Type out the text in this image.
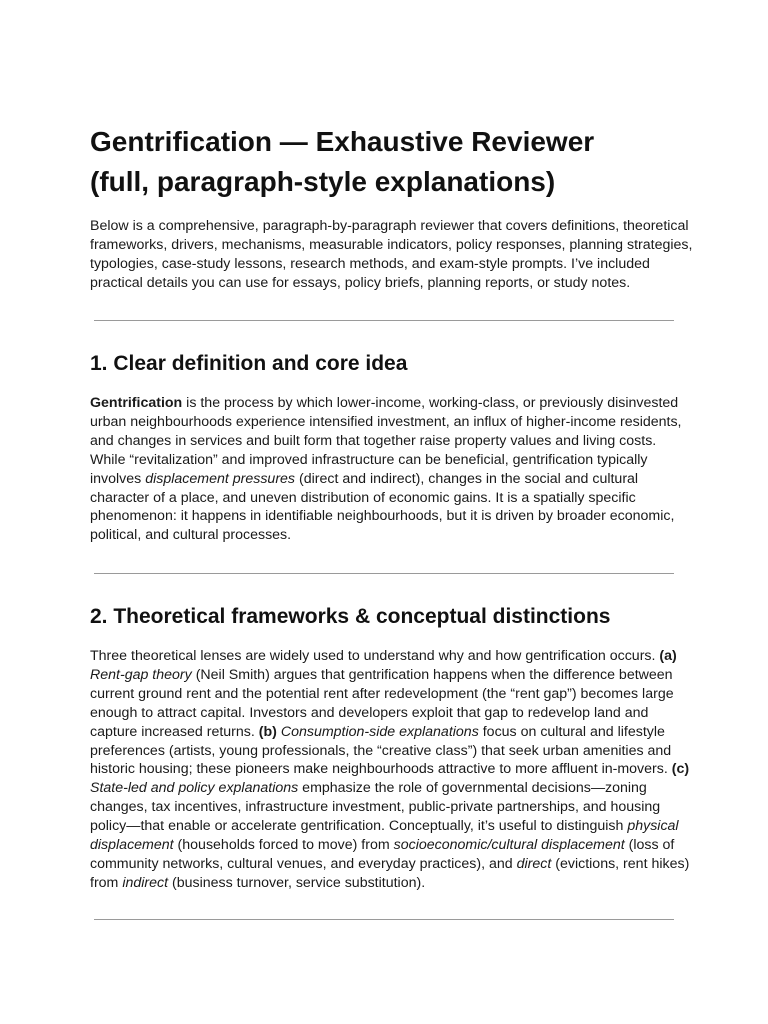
Gentrification — Exhaustive Reviewer
(full, paragraph-style explanations)

Below is a comprehensive, paragraph-by-paragraph reviewer that covers definitions, theoretical
frameworks, drivers, mechanisms, measurable indicators, policy responses, planning strategies,
typologies, case-study lessons, research methods, and exam-style prompts. I’ve included
practical details you can use for essays, policy briefs, planning reports, or study notes.

1. Clear definition and core idea

Gentrification is the process by which lower-income, working-class, or previously disinvested
urban neighbourhoods experience intensified investment, an influx of higher-income residents,
and changes in services and built form that together raise property values and living costs.
While “revitalization” and improved infrastructure can be beneficial, gentrification typically
involves displacement pressures (direct and indirect), changes in the social and cultural
character of a place, and uneven distribution of economic gains. It is a spatially specific
phenomenon: it happens in identifiable neighbourhoods, but it is driven by broader economic,
political, and cultural processes.

2. Theoretical frameworks & conceptual distinctions

Three theoretical lenses are widely used to understand why and how gentrification occurs. (a)
Rent-gap theory (Neil Smith) argues that gentrification happens when the difference between
current ground rent and the potential rent after redevelopment (the “rent gap”) becomes large
enough to attract capital. Investors and developers exploit that gap to redevelop land and
capture increased returns. (b) Consumption-side explanations focus on cultural and lifestyle
preferences (artists, young professionals, the “creative class”) that seek urban amenities and
historic housing; these pioneers make neighbourhoods attractive to more affluent in-movers. (c)
State-led and policy explanations emphasize the role of governmental decisions—zoning
changes, tax incentives, infrastructure investment, public-private partnerships, and housing
policy—that enable or accelerate gentrification. Conceptually, it’s useful to distinguish physical
displacement (households forced to move) from socioeconomic/cultural displacement (loss of
community networks, cultural venues, and everyday practices), and direct (evictions, rent hikes)
from indirect (business turnover, service substitution).
